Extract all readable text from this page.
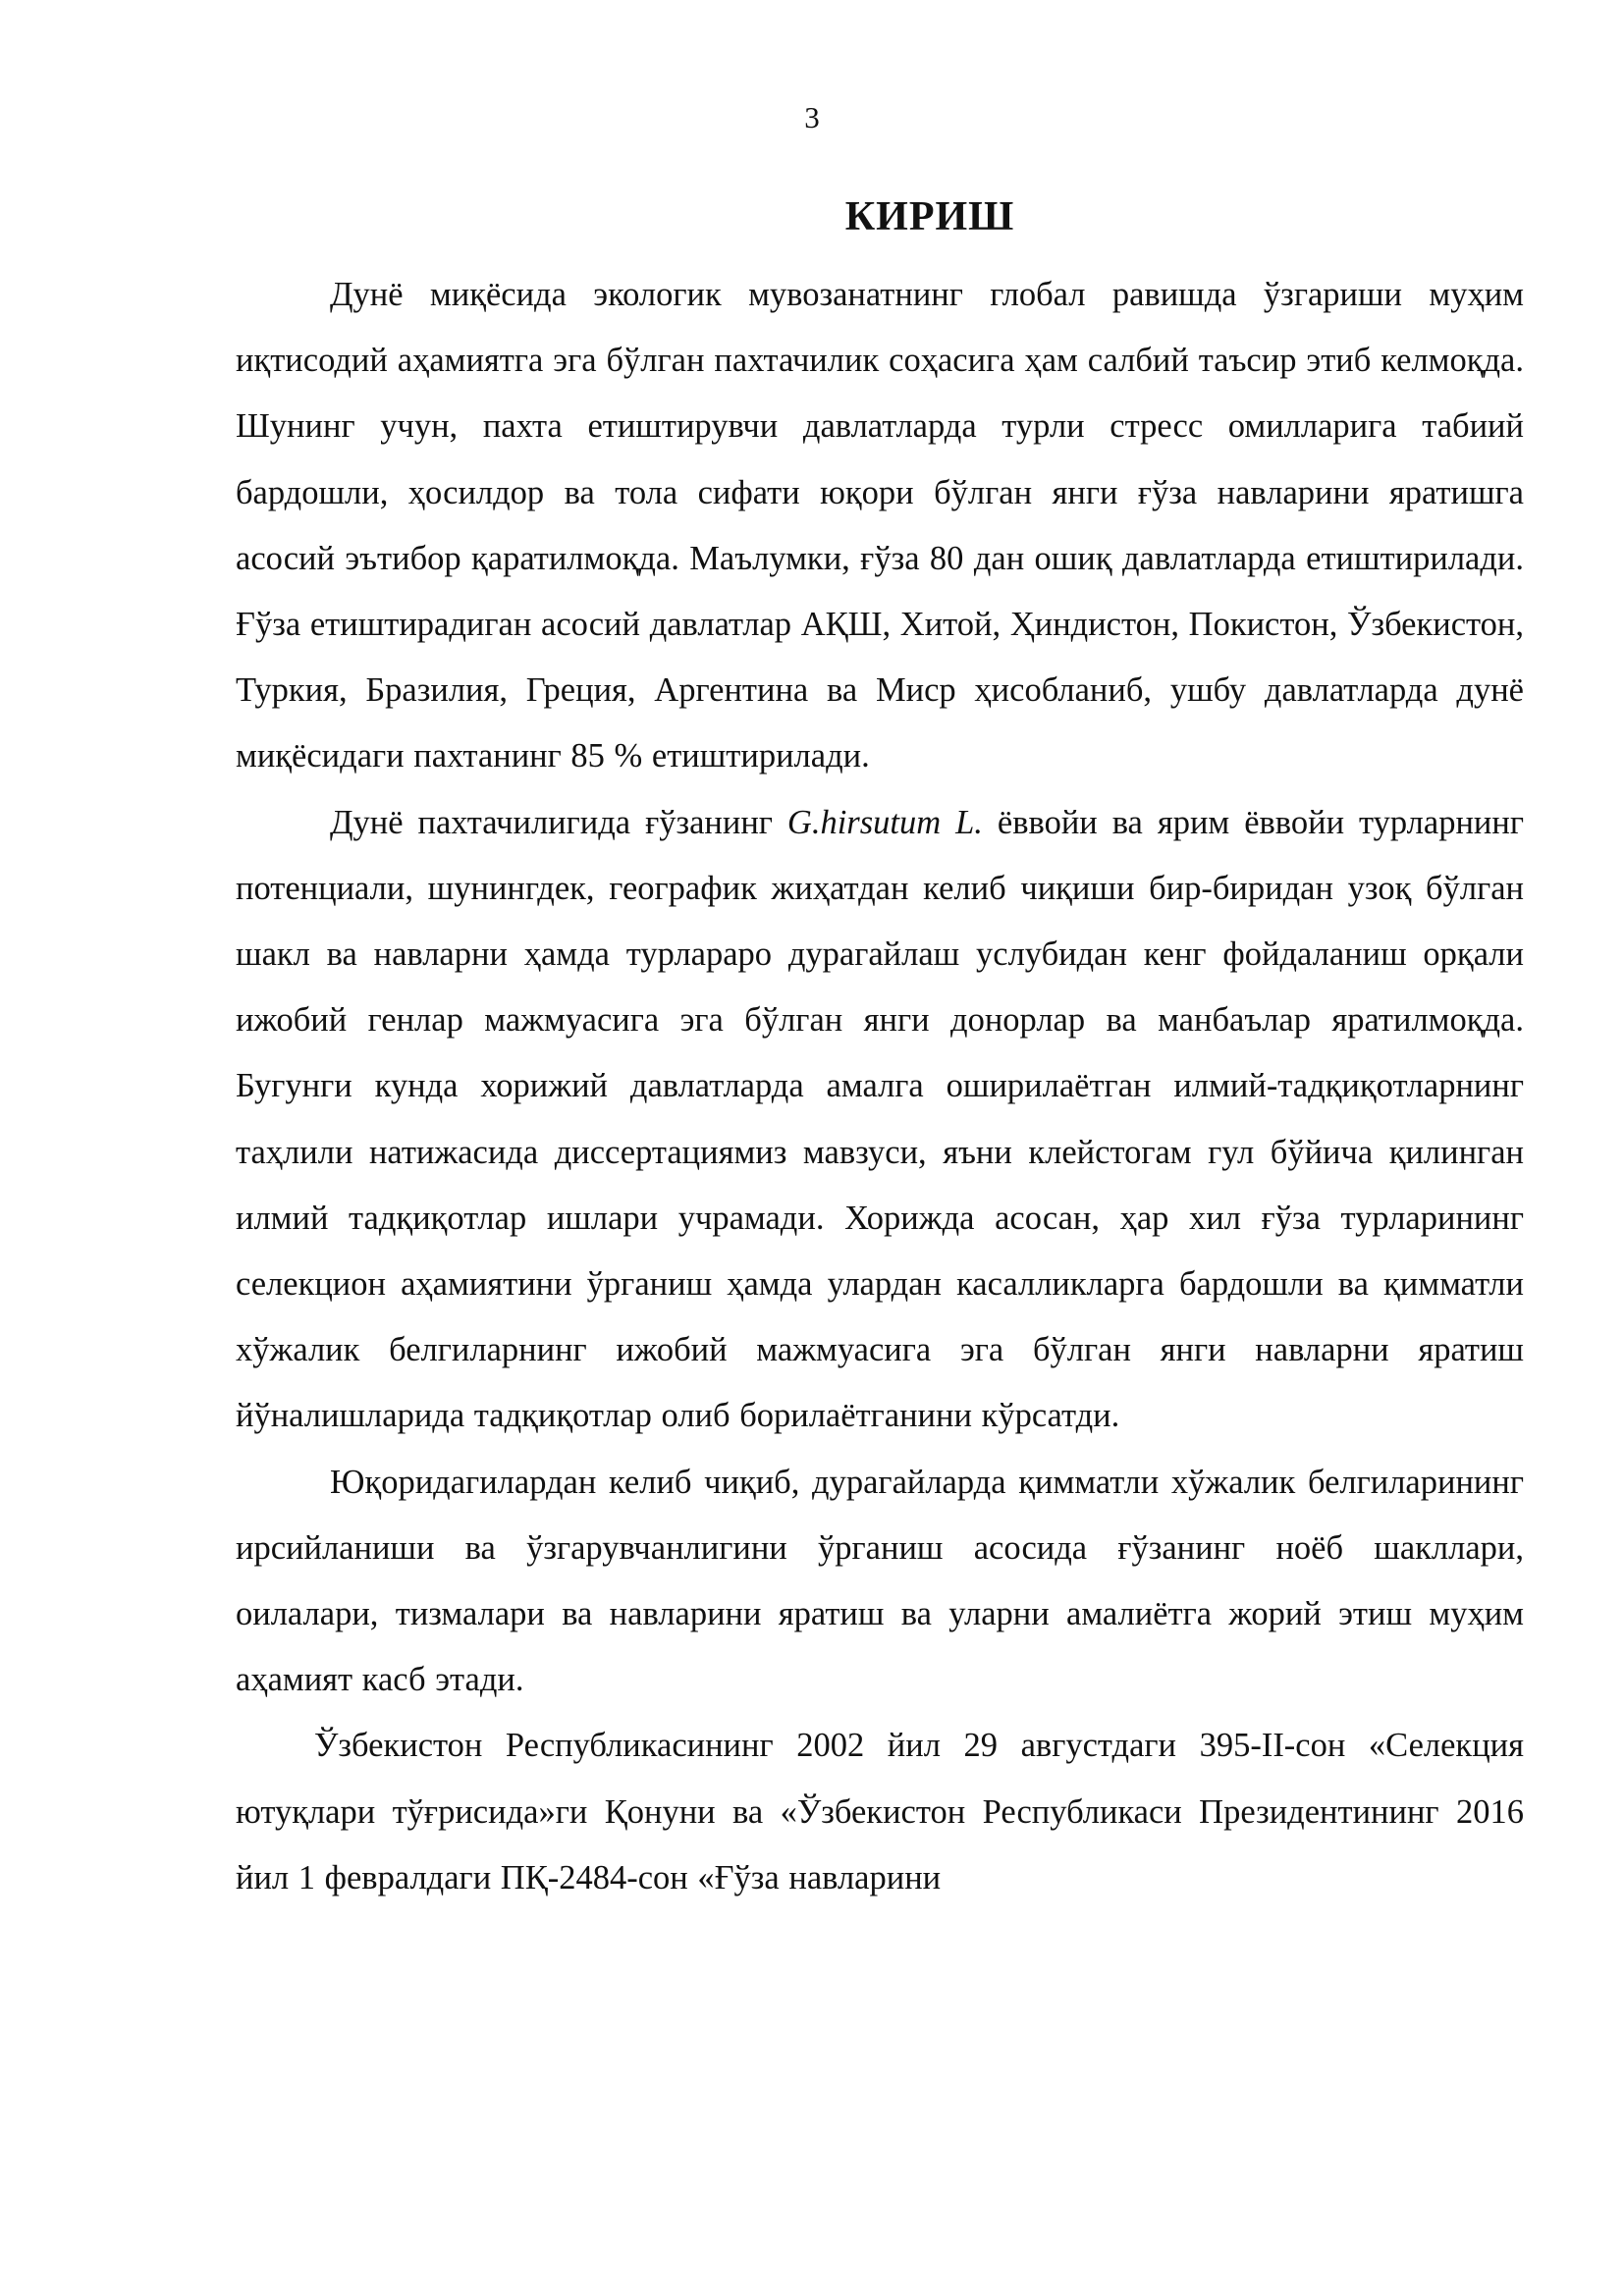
3
КИРИШ

Дунё миқёсида экологик мувозанатнинг глобал равишда ўзгариши муҳим иқтисодий аҳамиятга эга бўлган пахтачилик соҳасига ҳам салбий таъсир этиб келмоқда. Шунинг учун, пахта етиштирувчи давлатларда турли стресс омилларига табиий бардошли, ҳосилдор ва тола сифати юқори бўлган янги ғўза навларини яратишга асосий эътибор қаратилмоқда. Маълумки, ғўза 80 дан ошиқ давлатларда етиштирилади. Ғўза етиштирадиган асосий давлатлар АҚШ, Хитой, Ҳиндистон, Покистон, Ўзбекистон, Туркия, Бразилия, Греция, Аргентина ва Миср ҳисобланиб, ушбу давлатларда дунё миқёсидаги пахтанинг 85 % етиштирилади.

Дунё пахтачилигида ғўзанинг G.hirsutum L. ёввойи ва ярим ёввойи турларнинг потенциали, шунингдек, географик жиҳатдан келиб чиқиши бир-биридан узоқ бўлган шакл ва навларни ҳамда турлараро дурагайлаш услубидан кенг фойдаланиш орқали ижобий генлар мажмуасига эга бўлган янги донорлар ва манбаълар яратилмоқда. Бугунги кунда хорижий давлатларда амалга оширилаётган илмий-тадқиқотларнинг таҳлили натижасида диссертациямиз мавзуси, яъни клейстогам гул бўйича қилинган илмий тадқиқотлар ишлари учрамади. Хорижда асосан, ҳар хил ғўза турларининг селекцион аҳамиятини ўрганиш ҳамда улардан касалликларга бардошли ва қимматли хўжалик белгиларнинг ижобий мажмуасига эга бўлган янги навларни яратиш йўналишларида тадқиқотлар олиб борилаётганини кўрсатди.

Юқоридагилардан келиб чиқиб, дурагайларда қимматли хўжалик белгиларининг ирсийланиши ва ўзгарувчанлигини ўрганиш асосида ғўзанинг ноёб шакллари, оилалари, тизмалари ва навларини яратиш ва уларни амалиётга жорий этиш муҳим аҳамият касб этади.

Ўзбекистон Республикасининг 2002 йил 29 августдаги 395-II-сон «Селекция ютуқлари тўғрисида»ги Қонуни ва «Ўзбекистон Республикаси Президентининг 2016 йил 1 февралдаги ПҚ-2484-сон «Ғўза навларини
